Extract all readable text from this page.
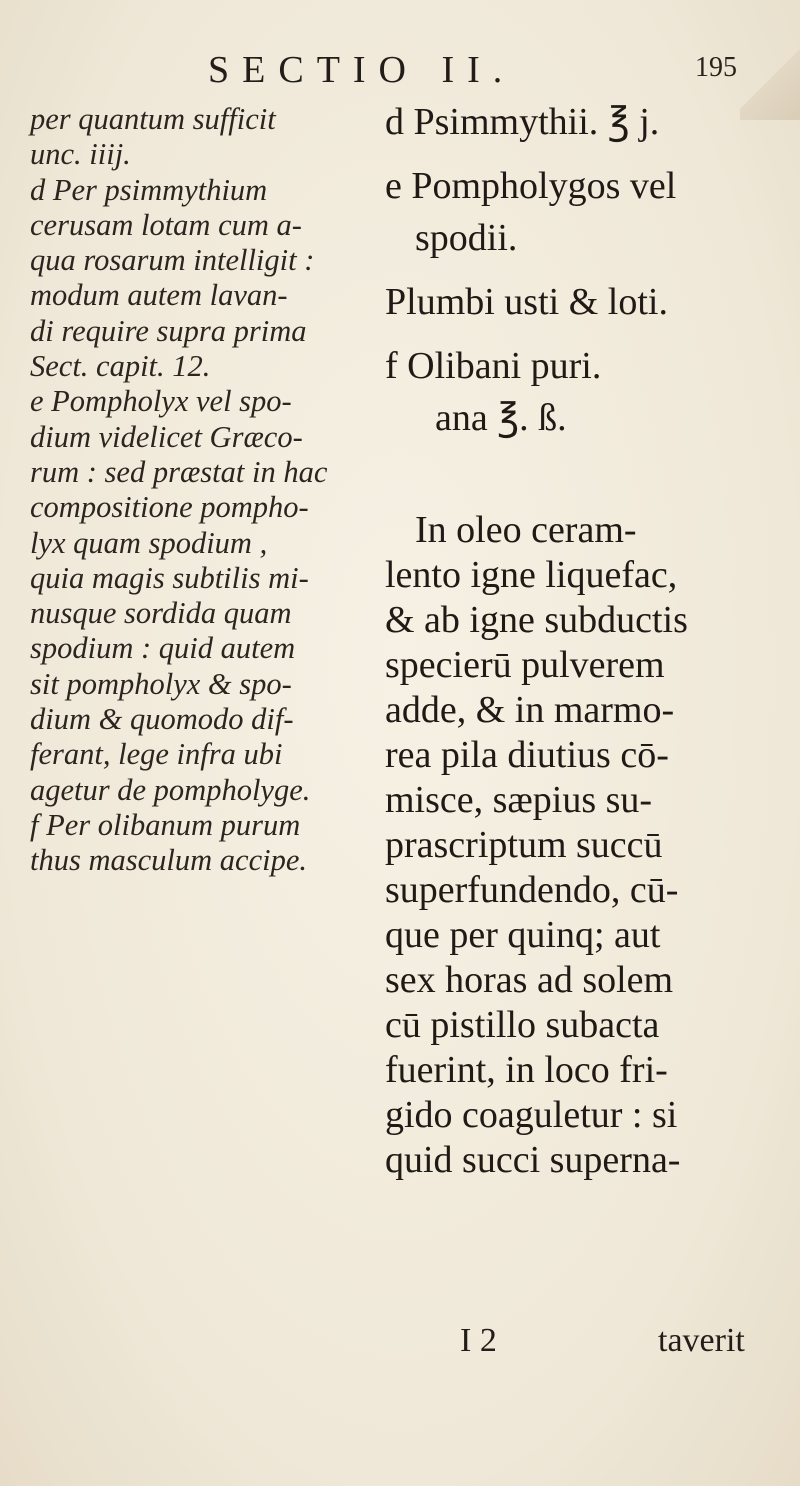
SECTIO II.	195
per quantum sufficit
unc. iiij.
d Per psimmythium
cerusam lotam cum a-
qua rosarum intelligit :
modum autem lavan-
di require supra prima
Sect. capit. 12.
e Pompholyx vel spo-
dium videlicet Græco-
rum : sed præstat in hac
compositione pompho-
lyx quam spodium ,
quia magis subtilis mi-
nusque sordida quam
spodium : quid autem
sit pompholyx & spo-
dium & quomodo dif-
ferant, lege infra ubi
agetur de pompholyge.
f Per olibanum purum
thus masculum accipe.
d Psimmythii. ℥ j.
e Pompholygos vel
spodii.
Plumbi usti & loti.
f Olibani puri.
ana ℥. ß.
In oleo ceram-
lento igne liquefac,
& ab igne subductis
specierū pulverem
adde, & in marmo-
rea pila diutius cō-
misce, sæpius su-
prascriptum succū
superfundendo, cū-
que per quinq; aut
sex horas ad solem
cū pistillo subacta
fuerint, in loco fri-
gido coaguletur : si
quid succi superna-
I 2	taverit
